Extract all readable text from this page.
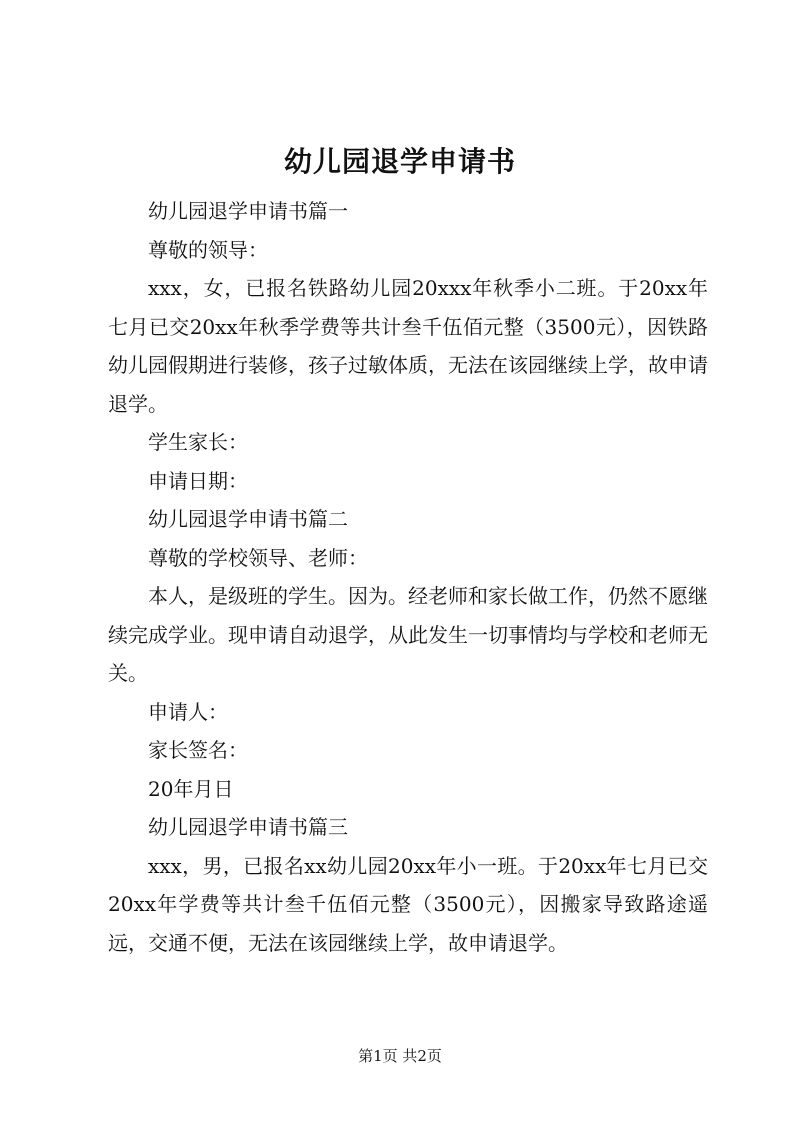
幼儿园退学申请书

幼儿园退学申请书篇一

尊敬的领导：

xxx，女，已报名铁路幼儿园20xxx年秋季小二班。于20xx年七月已交20xx年秋季学费等共计叁千伍佰元整（3500元），因铁路幼儿园假期进行装修，孩子过敏体质，无法在该园继续上学，故申请退学。

学生家长：

申请日期：

幼儿园退学申请书篇二

尊敬的学校领导、老师：

本人，是级班的学生。因为。经老师和家长做工作，仍然不愿继续完成学业。现申请自动退学，从此发生一切事情均与学校和老师无关。

申请人：

家长签名：

20年月日

幼儿园退学申请书篇三

xxx，男，已报名xx幼儿园20xx年小一班。于20xx年七月已交20xx年学费等共计叁千伍佰元整（3500元），因搬家导致路途遥远，交通不便，无法在该园继续上学，故申请退学。

第1页 共2页
